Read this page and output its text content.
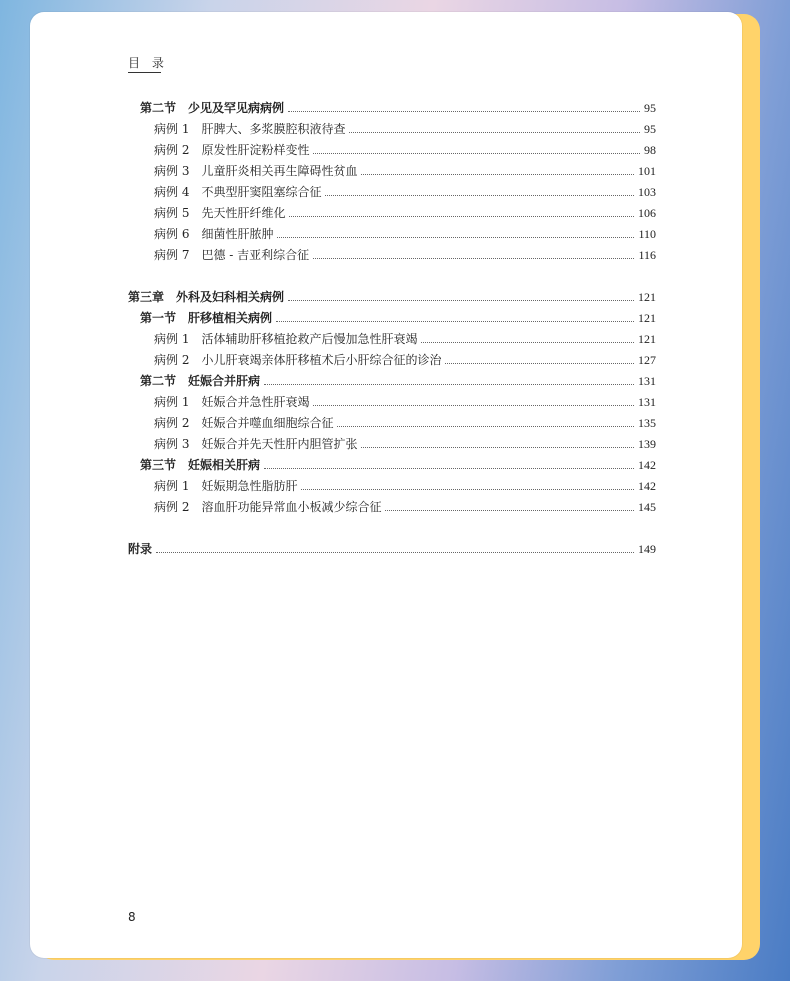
目 录
第二节　少见及罕见病病例	95
病例 1　肝脾大、多浆膜腔积液待查	95
病例 2　原发性肝淀粉样变性	98
病例 3　儿童肝炎相关再生障碍性贫血	101
病例 4　不典型肝窦阻塞综合征	103
病例 5　先天性肝纤维化	106
病例 6　细菌性肝脓肿	110
病例 7　巴德 - 吉亚利综合征	116
第三章　外科及妇科相关病例	121
第一节　肝移植相关病例	121
病例 1　活体辅助肝移植抢救产后慢加急性肝衰竭	121
病例 2　小儿肝衰竭亲体肝移植术后小肝综合征的诊治	127
第二节　妊娠合并肝病	131
病例 1　妊娠合并急性肝衰竭	131
病例 2　妊娠合并噬血细胞综合征	135
病例 3　妊娠合并先天性肝内胆管扩张	139
第三节　妊娠相关肝病	142
病例 1　妊娠期急性脂肪肝	142
病例 2　溶血肝功能异常血小板减少综合征	145
附录	149
8
